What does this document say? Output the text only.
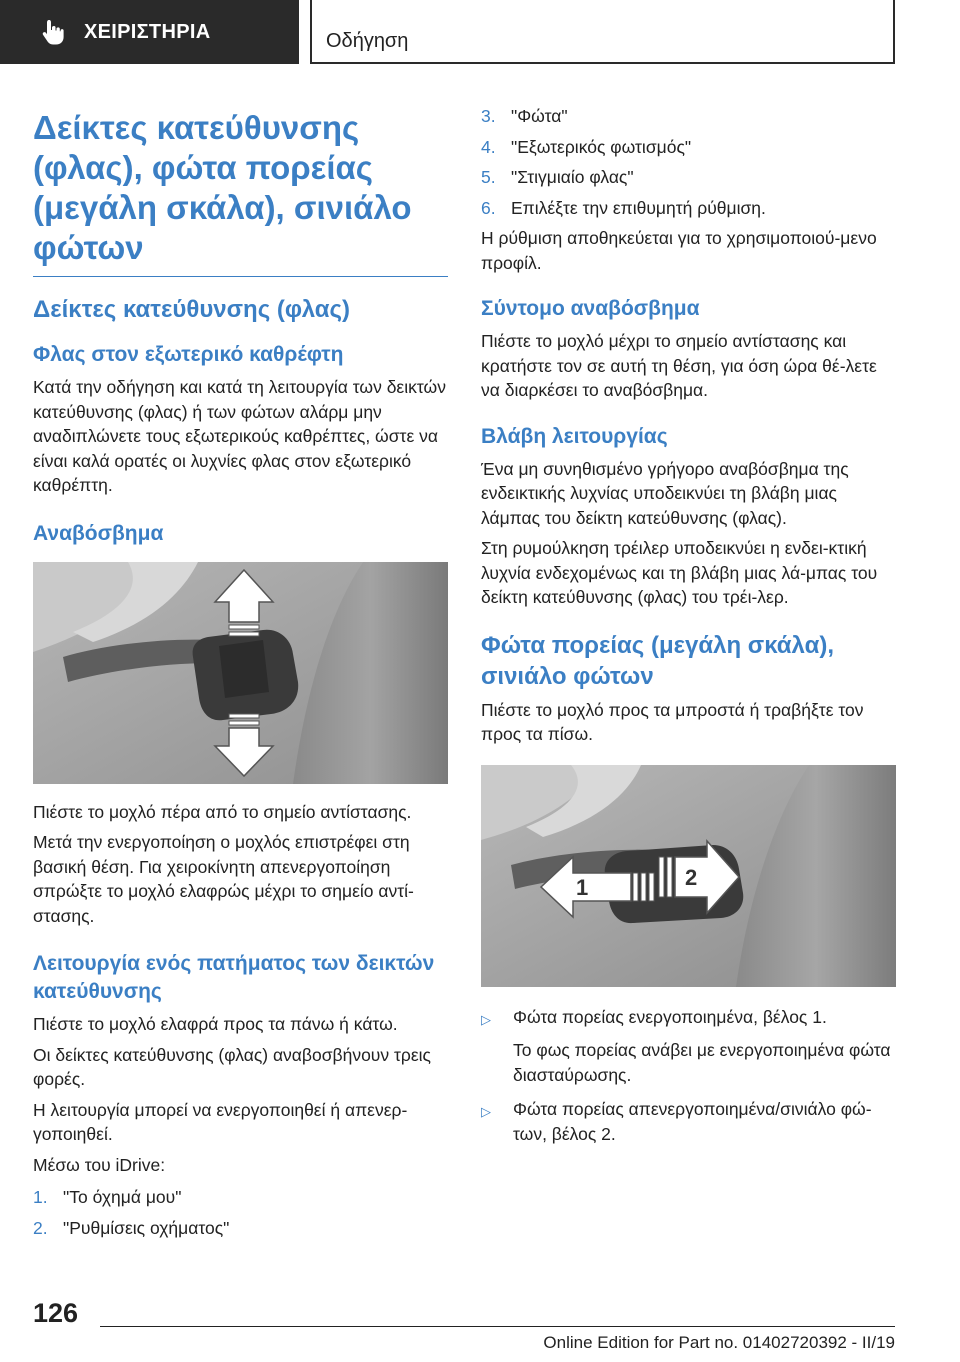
ΧΕΙΡΙΣΤΗΡΙΑ	Οδήγηση
Δείκτες κατεύθυνσης (φλας), φώτα πορείας (μεγάλη σκάλα), σινιάλο φώτων
Δείκτες κατεύθυνσης (φλας)
Φλας στον εξωτερικό καθρέφτη
Κατά την οδήγηση και κατά τη λειτουργία των δεικτών κατεύθυνσης (φλας) ή των φώτων αλάρμ μην αναδιπλώνετε τους εξωτερικούς καθρέπτες, ώστε να είναι καλά ορατές οι λυχνίες φλας στον εξωτερικό καθρέπτη.
Αναβόσβημα
Πιέστε το μοχλό πέρα από το σημείο αντίστασης.
Μετά την ενεργοποίηση ο μοχλός επιστρέφει στη βασική θέση. Για χειροκίνητη απενεργοποίηση σπρώξτε το μοχλό ελαφρώς μέχρι το σημείο αντί-στασης.
Λειτουργία ενός πατήματος των δεικτών κατεύθυνσης
Πιέστε το μοχλό ελαφρά προς τα πάνω ή κάτω.
Οι δείκτες κατεύθυνσης (φλας) αναβοσβήνουν τρεις φορές.
Η λειτουργία μπορεί να ενεργοποιηθεί ή απενερ-γοποιηθεί.
Μέσω του iDrive:
1. "Το όχημά μου"
2. "Ρυθμίσεις οχήματος"
3. "Φώτα"
4. "Εξωτερικός φωτισμός"
5. "Στιγμιαίο φλας"
6. Επιλέξτε την επιθυμητή ρύθμιση.
Η ρύθμιση αποθηκεύεται για το χρησιμοποιού-μενο προφίλ.
Σύντομο αναβόσβημα
Πιέστε το μοχλό μέχρι το σημείο αντίστασης και κρατήστε τον σε αυτή τη θέση, για όση ώρα θέ-λετε να διαρκέσει το αναβόσβημα.
Βλάβη λειτουργίας
Ένα μη συνηθισμένο γρήγορο αναβόσβημα της ενδεικτικής λυχνίας υποδεικνύει τη βλάβη μιας λάμπας του δείκτη κατεύθυνσης (φλας).
Στη ρυμούλκηση τρέιλερ υποδεικνύει η ενδει-κτική λυχνία ενδεχομένως και τη βλάβη μιας λά-μπας του δείκτη κατεύθυνσης (φλας) του τρέι-λερ.
Φώτα πορείας (μεγάλη σκάλα), σινιάλο φώτων
Πιέστε το μοχλό προς τα μπροστά ή τραβήξτε τον προς τα πίσω.
1	2
▷	Φώτα πορείας ενεργοποιημένα, βέλος 1.
Το φως πορείας ανάβει με ενεργοποιημένα φώτα διασταύρωσης.
▷	Φώτα πορείας απενεργοποιημένα/σινιάλο φώ-των, βέλος 2.
126
Online Edition for Part no. 01402720392 - II/19
